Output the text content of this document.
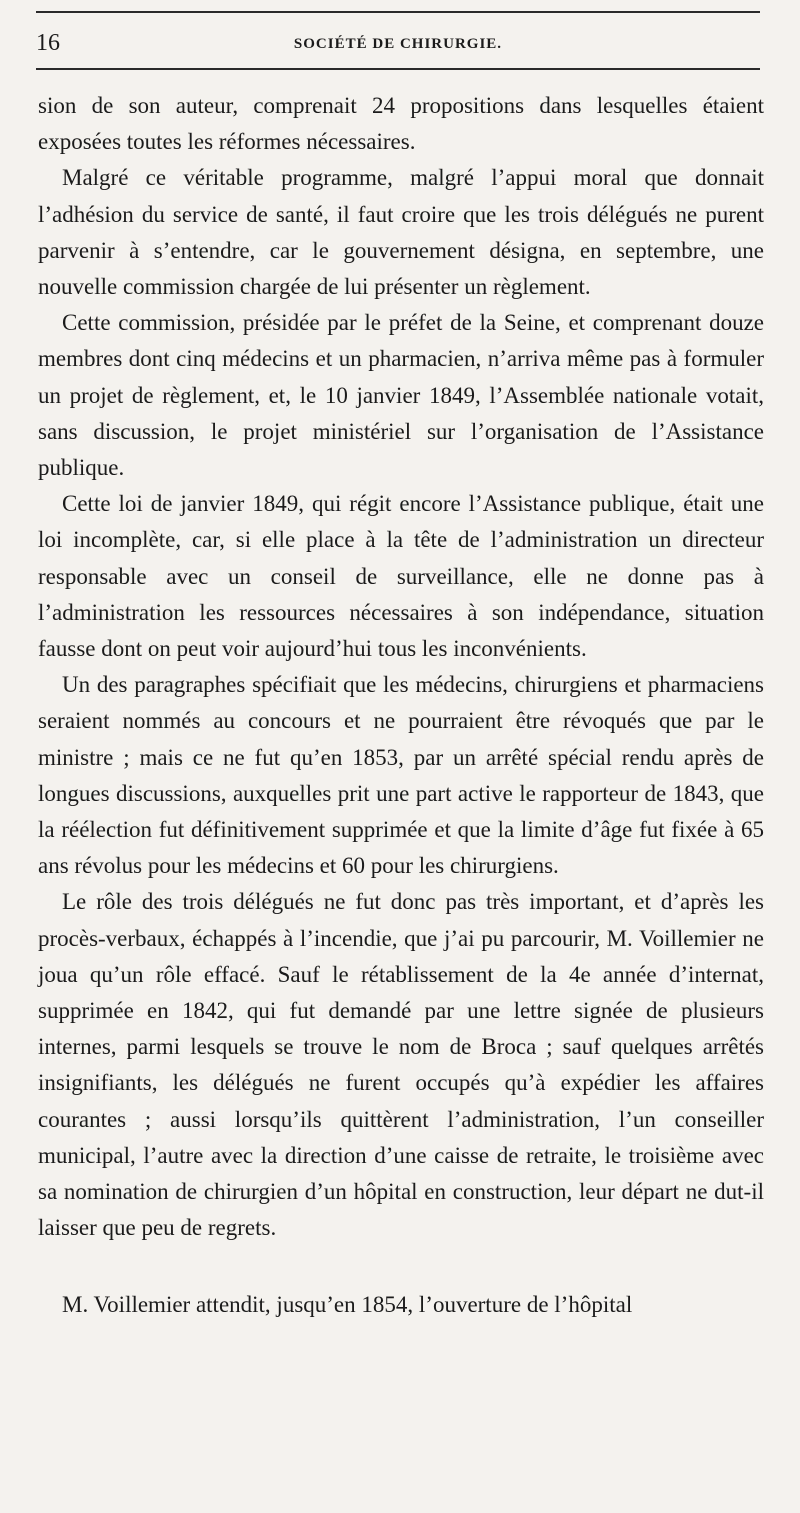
16	SOCIÉTÉ DE CHIRURGIE.

sion de son auteur, comprenait 24 propositions dans lesquelles étaient exposées toutes les réformes nécessaires.

Malgré ce véritable programme, malgré l’appui moral que donnait l’adhésion du service de santé, il faut croire que les trois délégués ne purent parvenir à s’entendre, car le gouvernement désigna, en septembre, une nouvelle commission chargée de lui présenter un règlement.

Cette commission, présidée par le préfet de la Seine, et comprenant douze membres dont cinq médecins et un pharmacien, n’arriva même pas à formuler un projet de règlement, et, le 10 janvier 1849, l’Assemblée nationale votait, sans discussion, le projet ministériel sur l’organisation de l’Assistance publique.

Cette loi de janvier 1849, qui régit encore l’Assistance publique, était une loi incomplète, car, si elle place à la tête de l’administration un directeur responsable avec un conseil de surveillance, elle ne donne pas à l’administration les ressources nécessaires à son indépendance, situation fausse dont on peut voir aujourd’hui tous les inconvénients.

Un des paragraphes spécifiait que les médecins, chirurgiens et pharmaciens seraient nommés au concours et ne pourraient être révoqués que par le ministre ; mais ce ne fut qu’en 1853, par un arrêté spécial rendu après de longues discussions, auxquelles prit une part active le rapporteur de 1843, que la réélection fut définitivement supprimée et que la limite d’âge fut fixée à 65 ans révolus pour les médecins et 60 pour les chirurgiens.

Le rôle des trois délégués ne fut donc pas très important, et d’après les procès-verbaux, échappés à l’incendie, que j’ai pu parcourir, M. Voillemier ne joua qu’un rôle effacé. Sauf le rétablissement de la 4e année d’internat, supprimée en 1842, qui fut demandé par une lettre signée de plusieurs internes, parmi lesquels se trouve le nom de Broca ; sauf quelques arrêtés insignifiants, les délégués ne furent occupés qu’à expédier les affaires courantes ; aussi lorsqu’ils quittèrent l’administration, l’un conseiller municipal, l’autre avec la direction d’une caisse de retraite, le troisième avec sa nomination de chirurgien d’un hôpital en construction, leur départ ne dut-il laisser que peu de regrets.

M. Voillemier attendit, jusqu’en 1854, l’ouverture de l’hôpital
